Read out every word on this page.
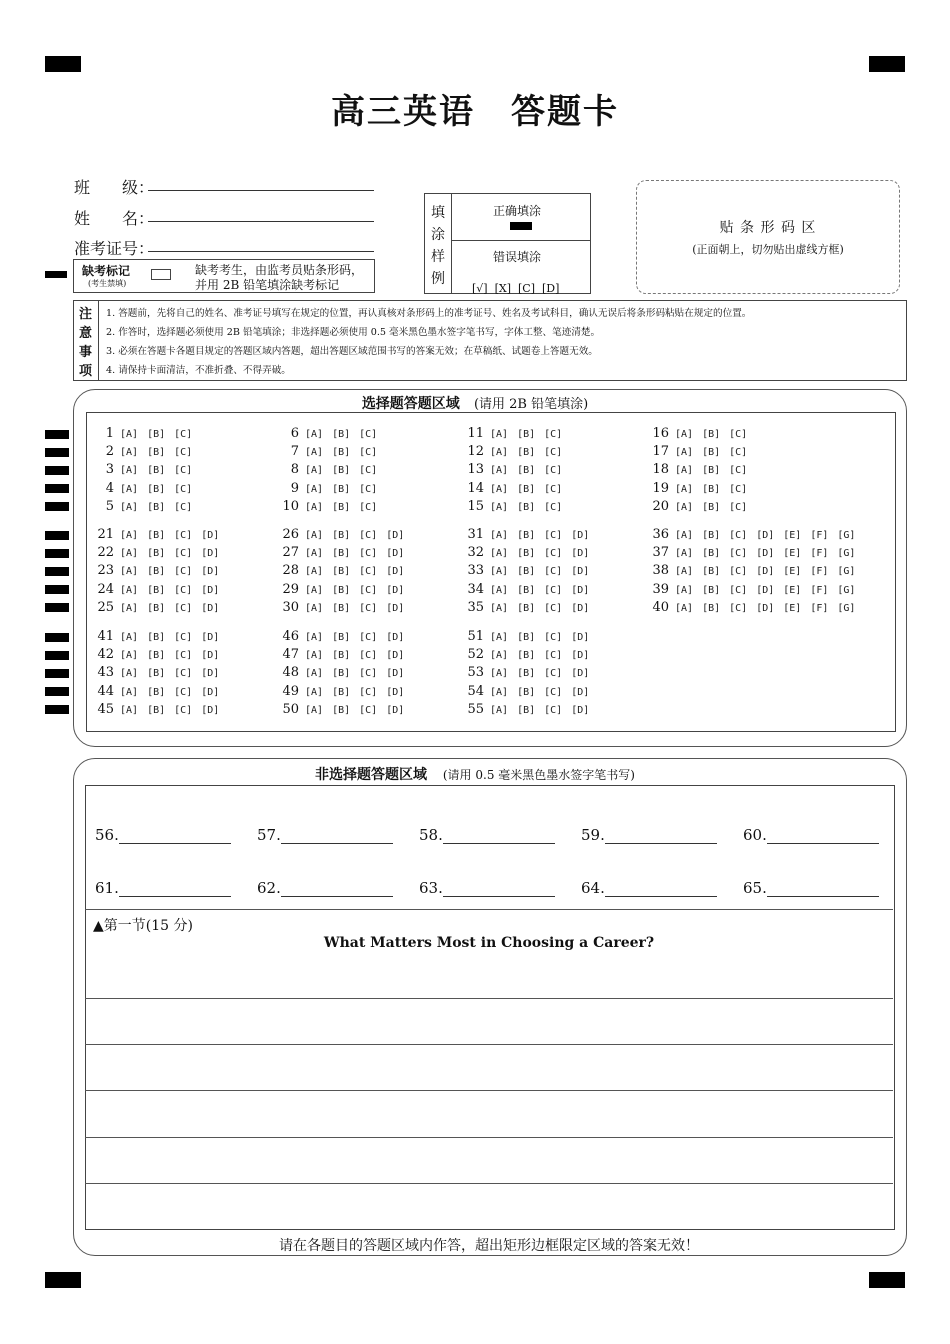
高三英语 答题卡
班　　级：
姓　　名：
准考证号：
缺考标记
(考生禁填)
缺考考生，由监考员贴条形码，
并用 2B 铅笔填涂缺考标记
填
涂
样
例
正确填涂
错误填涂

[√] [X] [C] [D]

贴 条 形 码 区
(正面朝上，切勿贴出虚线方框)
注
意
事
项
1. 答题前，先将自己的姓名、准考证号填写在规定的位置，再认真核对条形码上的准考证号、姓名及考试科目，确认无误后将条形码粘贴在规定的位置。
2. 作答时，选择题必须使用 2B 铅笔填涂；非选择题必须使用 0.5 毫米黑色墨水签字笔书写，字体工整、笔迹清楚。
3. 必须在答题卡各题目规定的答题区域内答题，超出答题区域范围书写的答案无效；在草稿纸、试题卷上答题无效。
4. 请保持卡面清洁，不准折叠、不得弄破。
选择题答题区域 (请用 2B 铅笔填涂)
1 [A] [B] [C]
2 [A] [B] [C]
3 [A] [B] [C]
4 [A] [B] [C]
5 [A] [B] [C]
6 [A] [B] [C]
7 [A] [B] [C]
8 [A] [B] [C]
9 [A] [B] [C]
10 [A] [B] [C]
11 [A] [B] [C]
12 [A] [B] [C]
13 [A] [B] [C]
14 [A] [B] [C]
15 [A] [B] [C]
16 [A] [B] [C]
17 [A] [B] [C]
18 [A] [B] [C]
19 [A] [B] [C]
20 [A] [B] [C]
21 [A] [B] [C] [D]
22 [A] [B] [C] [D]
23 [A] [B] [C] [D]
24 [A] [B] [C] [D]
25 [A] [B] [C] [D]
26 [A] [B] [C] [D]
27 [A] [B] [C] [D]
28 [A] [B] [C] [D]
29 [A] [B] [C] [D]
30 [A] [B] [C] [D]
31 [A] [B] [C] [D]
32 [A] [B] [C] [D]
33 [A] [B] [C] [D]
34 [A] [B] [C] [D]
35 [A] [B] [C] [D]
36 [A] [B] [C] [D] [E] [F] [G]
37 [A] [B] [C] [D] [E] [F] [G]
38 [A] [B] [C] [D] [E] [F] [G]
39 [A] [B] [C] [D] [E] [F] [G]
40 [A] [B] [C] [D] [E] [F] [G]
41 [A] [B] [C] [D]
42 [A] [B] [C] [D]
43 [A] [B] [C] [D]
44 [A] [B] [C] [D]
45 [A] [B] [C] [D]
46 [A] [B] [C] [D]
47 [A] [B] [C] [D]
48 [A] [B] [C] [D]
49 [A] [B] [C] [D]
50 [A] [B] [C] [D]
51 [A] [B] [C] [D]
52 [A] [B] [C] [D]
53 [A] [B] [C] [D]
54 [A] [B] [C] [D]
55 [A] [B] [C] [D]
非选择题答题区域 (请用 0.5 毫米黑色墨水签字笔书写)
56.	57.	58.	59.	60.
61.	62.	63.	64.	65.
▲第一节(15 分)
What Matters Most in Choosing a Career?
请在各题目的答题区域内作答，超出矩形边框限定区域的答案无效！
